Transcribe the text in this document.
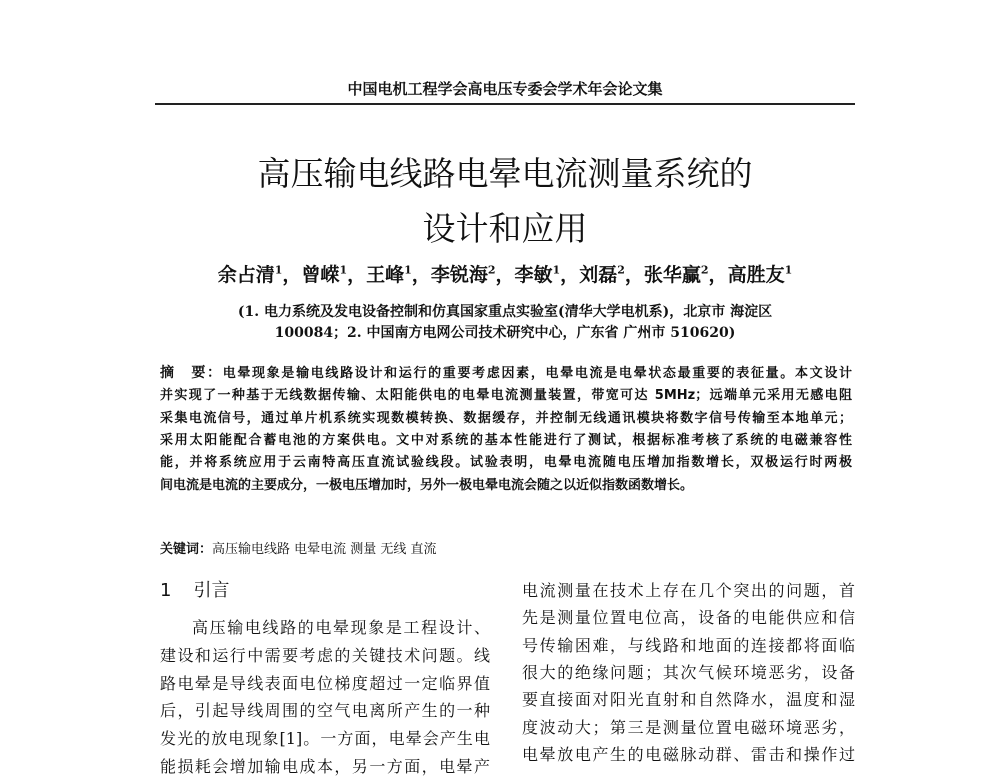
中国电机工程学会高电压专委会学术年会论文集
高压输电线路电晕电流测量系统的
设计和应用
余占清$^1$，曾嵘$^1$，王峰$^1$，李锐海$^2$，李敏$^1$，刘磊$^2$，张华赢$^2$，高胜友$^1$
(1. 电力系统及发电设备控制和仿真国家重点实验室(清华大学电机系)，北京市 海淀区
100084；2. 中国南方电网公司技术研究中心，广东省 广州市 510620)
摘　要：电晕现象是输电线路设计和运行的重要考虑因素，电晕电流是电晕状态最重要的表征量。本文设计
并实现了一种基于无线数据传输、太阳能供电的电晕电流测量装置，带宽可达 5MHz；远端单元采用无感电阻
采集电流信号，通过单片机系统实现数模转换、数据缓存，并控制无线通讯模块将数字信号传输至本地单元；
采用太阳能配合蓄电池的方案供电。文中对系统的基本性能进行了测试，根据标准考核了系统的电磁兼容性
能，并将系统应用于云南特高压直流试验线段。试验表明，电晕电流随电压增加指数增长，双极运行时两极
间电流是电流的主要成分，一极电压增加时，另外一极电晕电流会随之以近似指数函数增长。
关键词：高压输电线路 电晕电流 测量 无线 直流
1 引言
高压输电线路的电晕现象是工程设计、
建设和运行中需要考虑的关键技术问题。线
路电晕是导线表面电位梯度超过一定临界值
后，引起导线周围的空气电离所产生的一种
发光的放电现象[1]。一方面，电晕会产生电
能损耗会增加输电成本，另一方面，电晕产
电流测量在技术上存在几个突出的问题，首
先是测量位置电位高，设备的电能供应和信
号传输困难，与线路和地面的连接都将面临
很大的绝缘问题；其次气候环境恶劣，设备
要直接面对阳光直射和自然降水，温度和湿
度波动大；第三是测量位置电磁环境恶劣，
电晕放电产生的电磁脉动群、雷击和操作过
